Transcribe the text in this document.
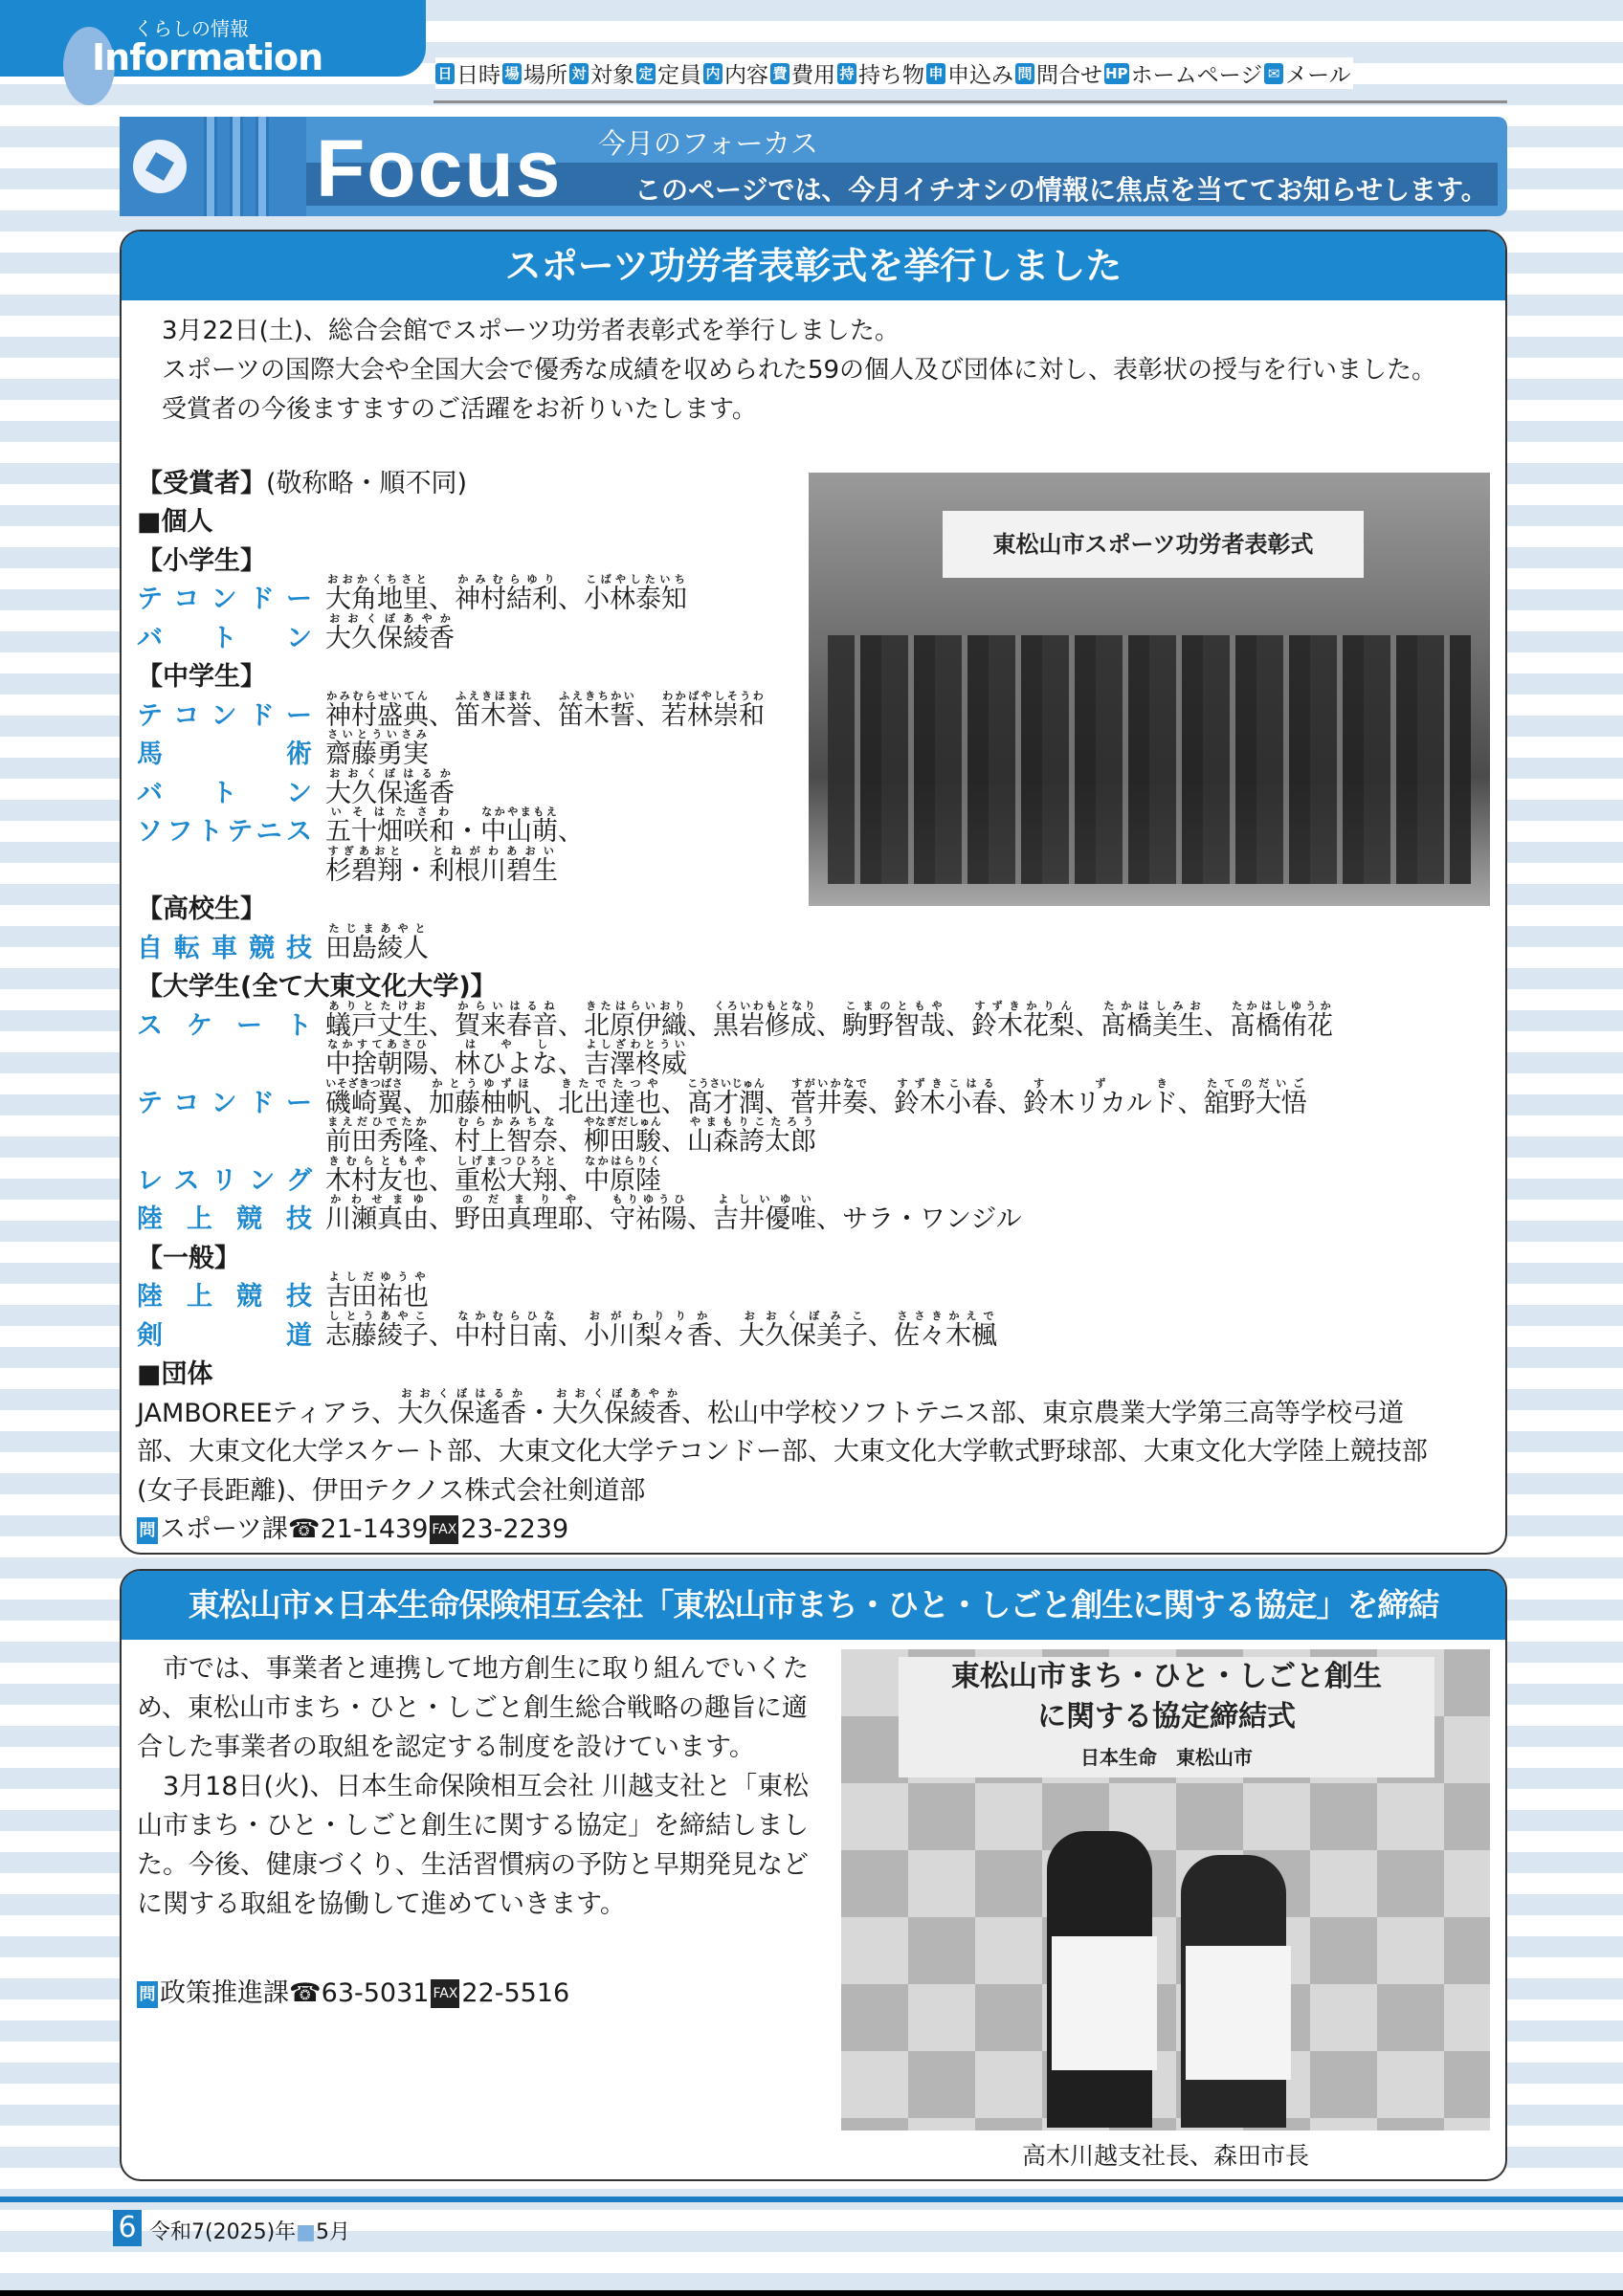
くらしの情報
Information	日 日時 場 場所 対 対象 定 定員 内 内容 費 費用 持 持ち物 申 申込み 問 問合せ HP ホームページ ✉ メール
Focus 今月のフォーカス
このページでは、今月イチオシの情報に焦点を当ててお知らせします。
スポーツ功労者表彰式を挙行しました

　3月22日(土)、総合会館でスポーツ功労者表彰式を挙行しました。

　スポーツの国際大会や全国大会で優秀な成績を収められた59の個人及び団体に対し、表彰状の授与を行いました。

　受賞者の今後ますますのご活躍をお祈りいたします。

【受賞者】 (敬称略・順不同)
■個人
【小学生】
テコンドー 大角地里おおかくちさと、神村結利かみむらゆり、小林泰知こばやしたいち
バトン 大久保綾香おおくぼあやか
【中学生】
テコンドー 神村盛典かみむらせいてん、笛木誉ふえきほまれ、笛木誓ふえきちかい、若林崇和わかばやしそうわ
馬術 齋藤勇実さいとういさみ
バトン 大久保遙香おおくぼはるか
ソフトテニス 五十畑咲和いそはたさわ・中山萌なかやまもえ、
杉碧翔すぎあおと・利根川碧生とねがわあおい
【高校生】
自転車競技 田島綾人たじまあやと
【大学生(全て大東文化大学)】
スケート 蟻戸丈生ありとたけお、賀来春音からいはるね、北原伊織きたはらいおり、黒岩修成くろいわもとなり、駒野智哉こまのともや、鈴木花梨すずきかりん、髙橋美生たかはしみお、髙橋侑花たかはしゆうか
中捨朝陽なかすてあさひ、林ひよなはやし、吉澤柊威よしざわとうい
テコンドー 磯崎翼いそざきつばさ、加藤柚帆かとうゆずほ、北出達也きたでたつや、髙才潤こうさいじゅん、菅井奏すがいかなで、鈴木小春すずきこはる、鈴木リカルドすずき、舘野大悟たてのだいご
前田秀隆まえだひでたか、村上智奈むらかみちな、柳田駿やなぎだしゅん、山森誇太郎やまもりこたろう
レスリング 木村友也きむらともや、重松大翔しげまつひろと、中原陸なかはらりく
陸上競技 川瀬真由かわせまゆ、野田真理耶のだまりや、守祐陽もりゆうひ、吉井優唯よしいゆい、サラ・ワンジル
【一般】
陸上競技 吉田祐也よしだゆうや
剣道 志藤綾子しとうあやこ、中村日南なかむらひな、小川梨々香おがわりりか、大久保美子おおくぼみこ、佐々木楓ささきかえで
■団体
JAMBOREEティアラ、 大久保遙香おおくぼはるか
・ 大久保綾香おおくぼあやか
、 松山中学校ソフトテニス部、東京農業大学第三高等学校弓道
部、大東文化大学スケート部、大東文化大学テコンドー部、大東文化大学軟式野球部、大東文化大学陸上競技部
(女子長距離)、伊田テクノス株式会社剣道部
問 スポーツ課 ☎ 21-1439 FAX 23-2239
東松山市スポーツ功労者表彰式
東松山市×日本生命保険相互会社「東松山市まち・ひと・しごと創生に関する協定」を締結

　市では、事業者と連携して地方創生に取り組んでいくため、東松山市まち・ひと・しごと創生総合戦略の趣旨に適合した事業者の取組を認定する制度を設けています。

　3月18日(火)、日本生命保険相互会社 川越支社と「東松山市まち・ひと・しごと創生に関する協定」を締結しました。今後、健康づくり、生活習慣病の予防と早期発見などに関する取組を協働して進めていきます。

問 政策推進課 ☎ 63-5031 FAX 22-5516
東松山市まち・ひと・しごと創生
に関する協定締結式
日本生命　 東松山市
高木川越支社長、森田市長
6 令和7(2025)年■5月
